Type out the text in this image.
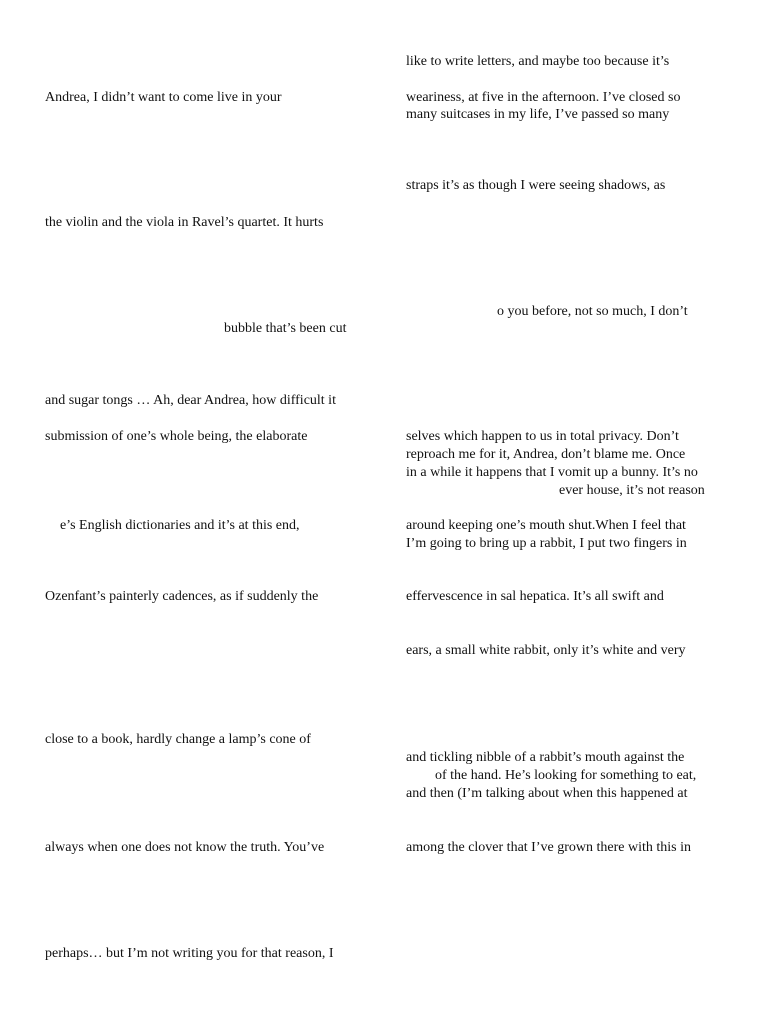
Andrea, I didn’t want to come live in your

the violin and the viola in Ravel’s quartet. It hurts

bubble that’s been cut

and sugar tongs … Ah, dear Andrea, how difficult it

submission of one’s whole being, the elaborate

e’s English dictionaries and it’s at this end,

Ozenfant’s painterly cadences, as if suddenly the

close to a book, hardly change a lamp’s cone of

always when one does not know the truth. You’ve

perhaps… but I’m not writing you for that reason, I

like to write letters, and maybe too because it’s

weariness, at five in the afternoon. I’ve closed so

many suitcases in my life, I’ve passed so many

straps it’s as though I were seeing shadows, as

o you before, not so much, I don’t

selves which happen to us in total privacy. Don’t

reproach me for it, Andrea, don’t blame me. Once

in a while it happens that I vomit up a bunny. It’s no

ever house, it’s not reason

around keeping one’s mouth shut.When I feel that

I’m going to bring up a rabbit, I put two fingers in

effervescence in sal hepatica. It’s all swift and

ears, a small white rabbit, only it’s white and very

and tickling nibble of a rabbit’s mouth against the

of the hand. He’s looking for something to eat,

and then (I’m talking about when this happened at

among the clover that I’ve grown there with this in
